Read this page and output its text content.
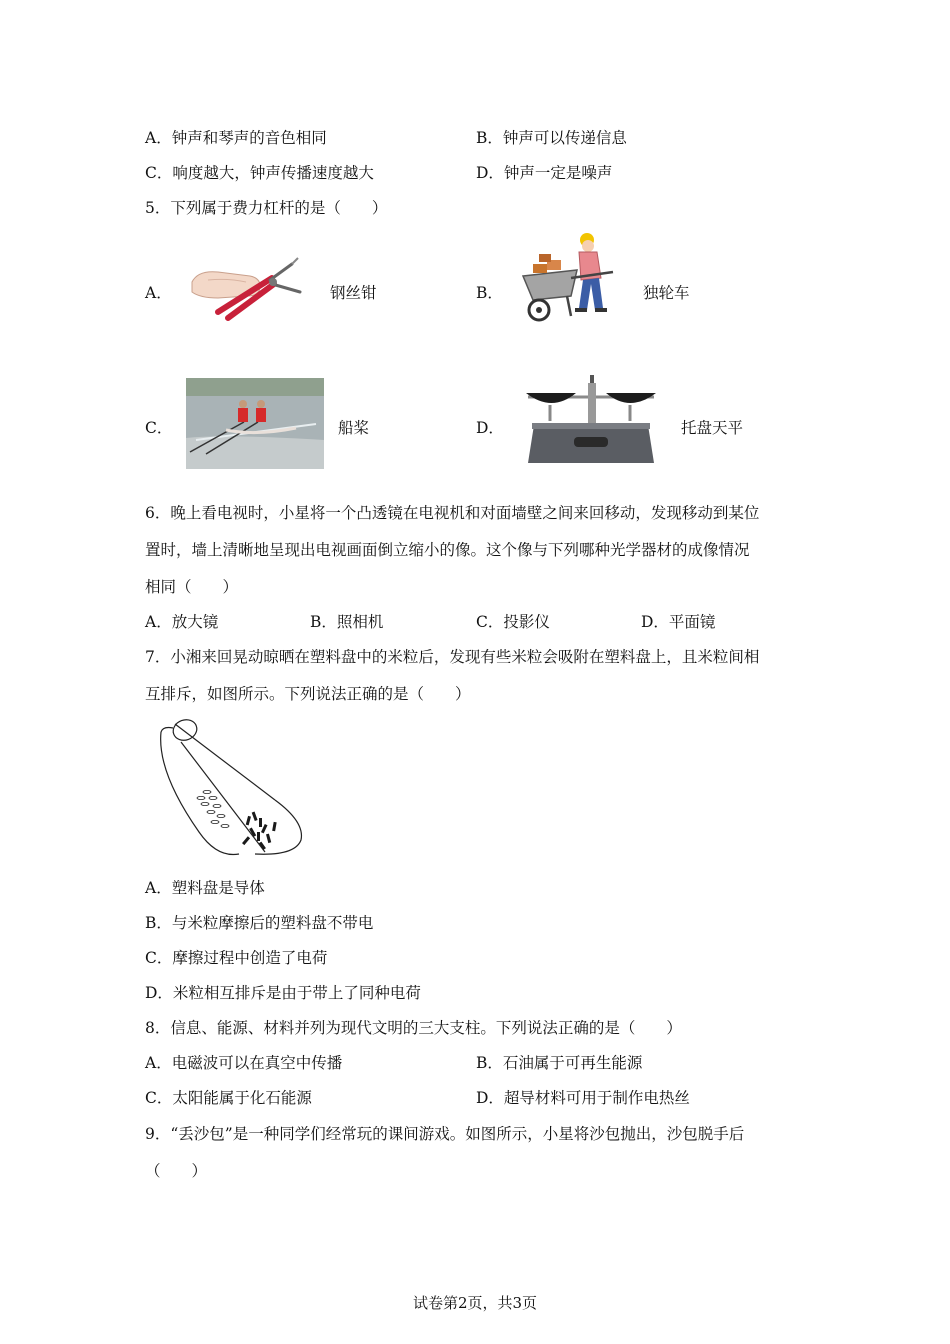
A．钟声和琴声的音色相同	B．钟声可以传递信息
C．响度越大，钟声传播速度越大	D．钟声一定是噪声
5．下列属于费力杠杆的是（　　）
A．	钢丝钳	B．	独轮车
C．	船桨	D．	托盘天平
6．晚上看电视时，小星将一个凸透镜在电视机和对面墙壁之间来回移动，发现移动到某位
置时，墙上清晰地呈现出电视画面倒立缩小的像。这个像与下列哪种光学器材的成像情况
相同（　　）
A．放大镜	B．照相机	C．投影仪	D．平面镜
7．小湘来回晃动晾晒在塑料盘中的米粒后，发现有些米粒会吸附在塑料盘上，且米粒间相
互排斥，如图所示。下列说法正确的是（　　）
A．塑料盘是导体
B．与米粒摩擦后的塑料盘不带电
C．摩擦过程中创造了电荷
D．米粒相互排斥是由于带上了同种电荷
8．信息、能源、材料并列为现代文明的三大支柱。下列说法正确的是（　　）
A．电磁波可以在真空中传播	B．石油属于可再生能源
C．太阳能属于化石能源	D．超导材料可用于制作电热丝
9．“丢沙包”是一种同学们经常玩的课间游戏。如图所示，小星将沙包抛出，沙包脱手后
（　　）
试卷第2页，共3页
